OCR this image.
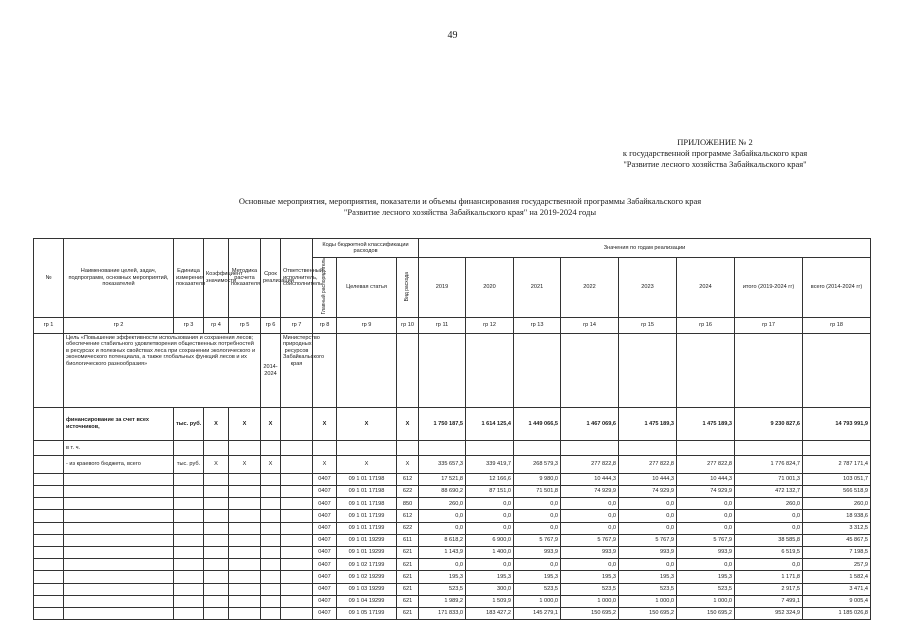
49
ПРИЛОЖЕНИЕ № 2
к государственной программе Забайкальского края
"Развитие лесного хозяйства Забайкальского края"
Основные мероприятия, мероприятия, показатели и объемы финансирования государственной программы Забайкальского края
"Развитие лесного хозяйства Забайкальского края" на 2019-2024 годы
№	Наименование целей, задач, подпрограмм, основных мероприятий, показателей	Единица измерения показателя	Коэффициент значимости	Методика расчета показателя	Срок реализации	Ответственный исполнитель, соисполнитель	Коды бюджетной классификации расходов			Значения по годам реализации							
							Главный распорядитель	Целевая статья	Вид расхода	2019	2020	2021	2022	2023	2024	итого (2019-2024 гг)	всего (2014-2024 гг)
гр 1	гр 2	гр 3	гр 4	гр 5	гр 6	гр 7	гр 8	гр 9	гр 10	гр 11	гр 12	гр 13	гр 14	гр 15	гр 16	гр 17	гр 18
	Цель «Повышение эффективности использования и сохранения лесов; обеспечение стабильного удовлетворения общественных потребностей в ресурсах и полезных свойствах леса при сохранении экологического и экономического потенциала, а также глобальных функций лесов и их биологического разнообразия»				2014-2024	Министерство природных ресурсов Забайкальского края											
	финансирование за счет всех источников,	тыс. руб.	X	X	X		X	X	X	1 750 187,5	1 614 125,4	1 449 066,5	1 467 069,6	1 475 189,3	1 475 189,3	9 230 827,6	14 793 991,9
	в т. ч.																
	- из краевого бюджета, всего	тыс. руб.	X	X	X		X	X	X	335 657,3	339 419,7	268 579,3	277 822,8	277 822,8	277 822,8	1 776 824,7	2 787 171,4
							0407	09 1 01 17198	612	17 521,8	12 166,6	9 980,0	10 444,3	10 444,3	10 444,3	71 001,3	103 051,7
							0407	09 1 01 17198	622	88 690,2	87 151,0	71 501,8	74 929,9	74 929,9	74 929,9	472 132,7	566 518,9
							0407	09 1 01 17198	850	260,0	0,0	0,0	0,0	0,0	0,0	260,0	260,0
							0407	09 1 01 17199	612	0,0	0,0	0,0	0,0	0,0	0,0	0,0	18 938,6
							0407	09 1 01 17199	622	0,0	0,0	0,0	0,0	0,0	0,0	0,0	3 312,5
							0407	09 1 01 19299	611	8 618,2	6 900,0	5 767,9	5 767,9	5 767,9	5 767,9	38 585,8	45 867,5
							0407	09 1 01 19299	621	1 143,9	1 400,0	993,9	993,9	993,9	993,9	6 519,5	7 198,5
							0407	09 1 02 17199	621	0,0	0,0	0,0	0,0	0,0	0,0	0,0	257,9
							0407	09 1 02 19299	621	195,3	195,3	195,3	195,3	195,3	195,3	1 171,8	1 582,4
							0407	09 1 03 19299	621	523,5	300,0	523,5	523,5	523,5	523,5	2 917,5	3 471,4
							0407	09 1 04 19299	621	1 989,2	1 509,9	1 000,0	1 000,0	1 000,0	1 000,0	7 499,1	9 005,4
							0407	09 1 05 17199	621	171 833,0	183 427,2	145 279,1	150 695,2	150 695,2	150 695,2	952 324,9	1 185 026,8
